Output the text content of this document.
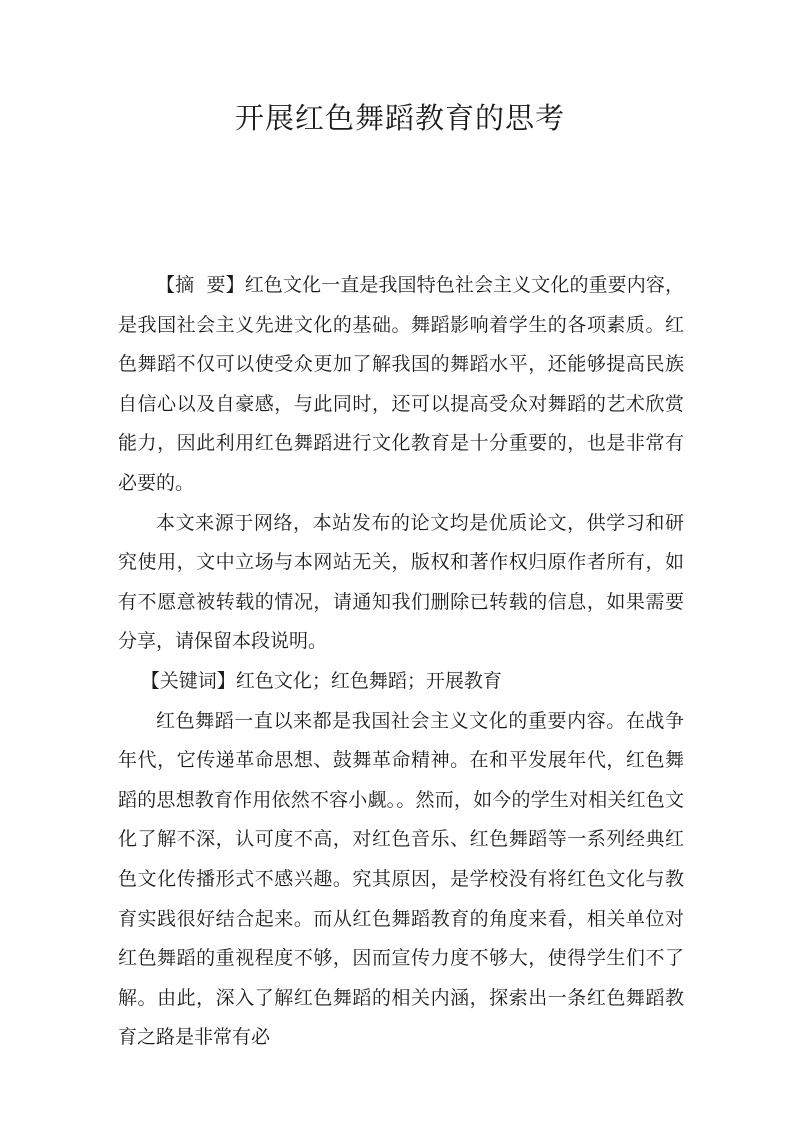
开展红色舞蹈教育的思考

【摘  要】红色文化一直是我国特色社会主义文化的重要内容，是我国社会主义先进文化的基础。舞蹈影响着学生的各项素质。红色舞蹈不仅可以使受众更加了解我国的舞蹈水平，还能够提高民族自信心以及自豪感，与此同时，还可以提高受众对舞蹈的艺术欣赏能力，因此利用红色舞蹈进行文化教育是十分重要的，也是非常有必要的。

本文来源于网络，本站发布的论文均是优质论文，供学习和研究使用，文中立场与本网站无关，版权和著作权归原作者所有，如有不愿意被转载的情况，请通知我们删除已转载的信息，如果需要分享，请保留本段说明。

【关键词】红色文化；红色舞蹈；开展教育

红色舞蹈一直以来都是我国社会主义文化的重要内容。在战争年代，它传递革命思想、鼓舞革命精神。在和平发展年代，红色舞蹈的思想教育作用依然不容小觑。。然而，如今的学生对相关红色文化了解不深，认可度不高，对红色音乐、红色舞蹈等一系列经典红色文化传播形式不感兴趣。究其原因，是学校没有将红色文化与教育实践很好结合起来。而从红色舞蹈教育的角度来看，相关单位对红色舞蹈的重视程度不够，因而宣传力度不够大，使得学生们不了解。由此，深入了解红色舞蹈的相关内涵，探索出一条红色舞蹈教育之路是非常有必
